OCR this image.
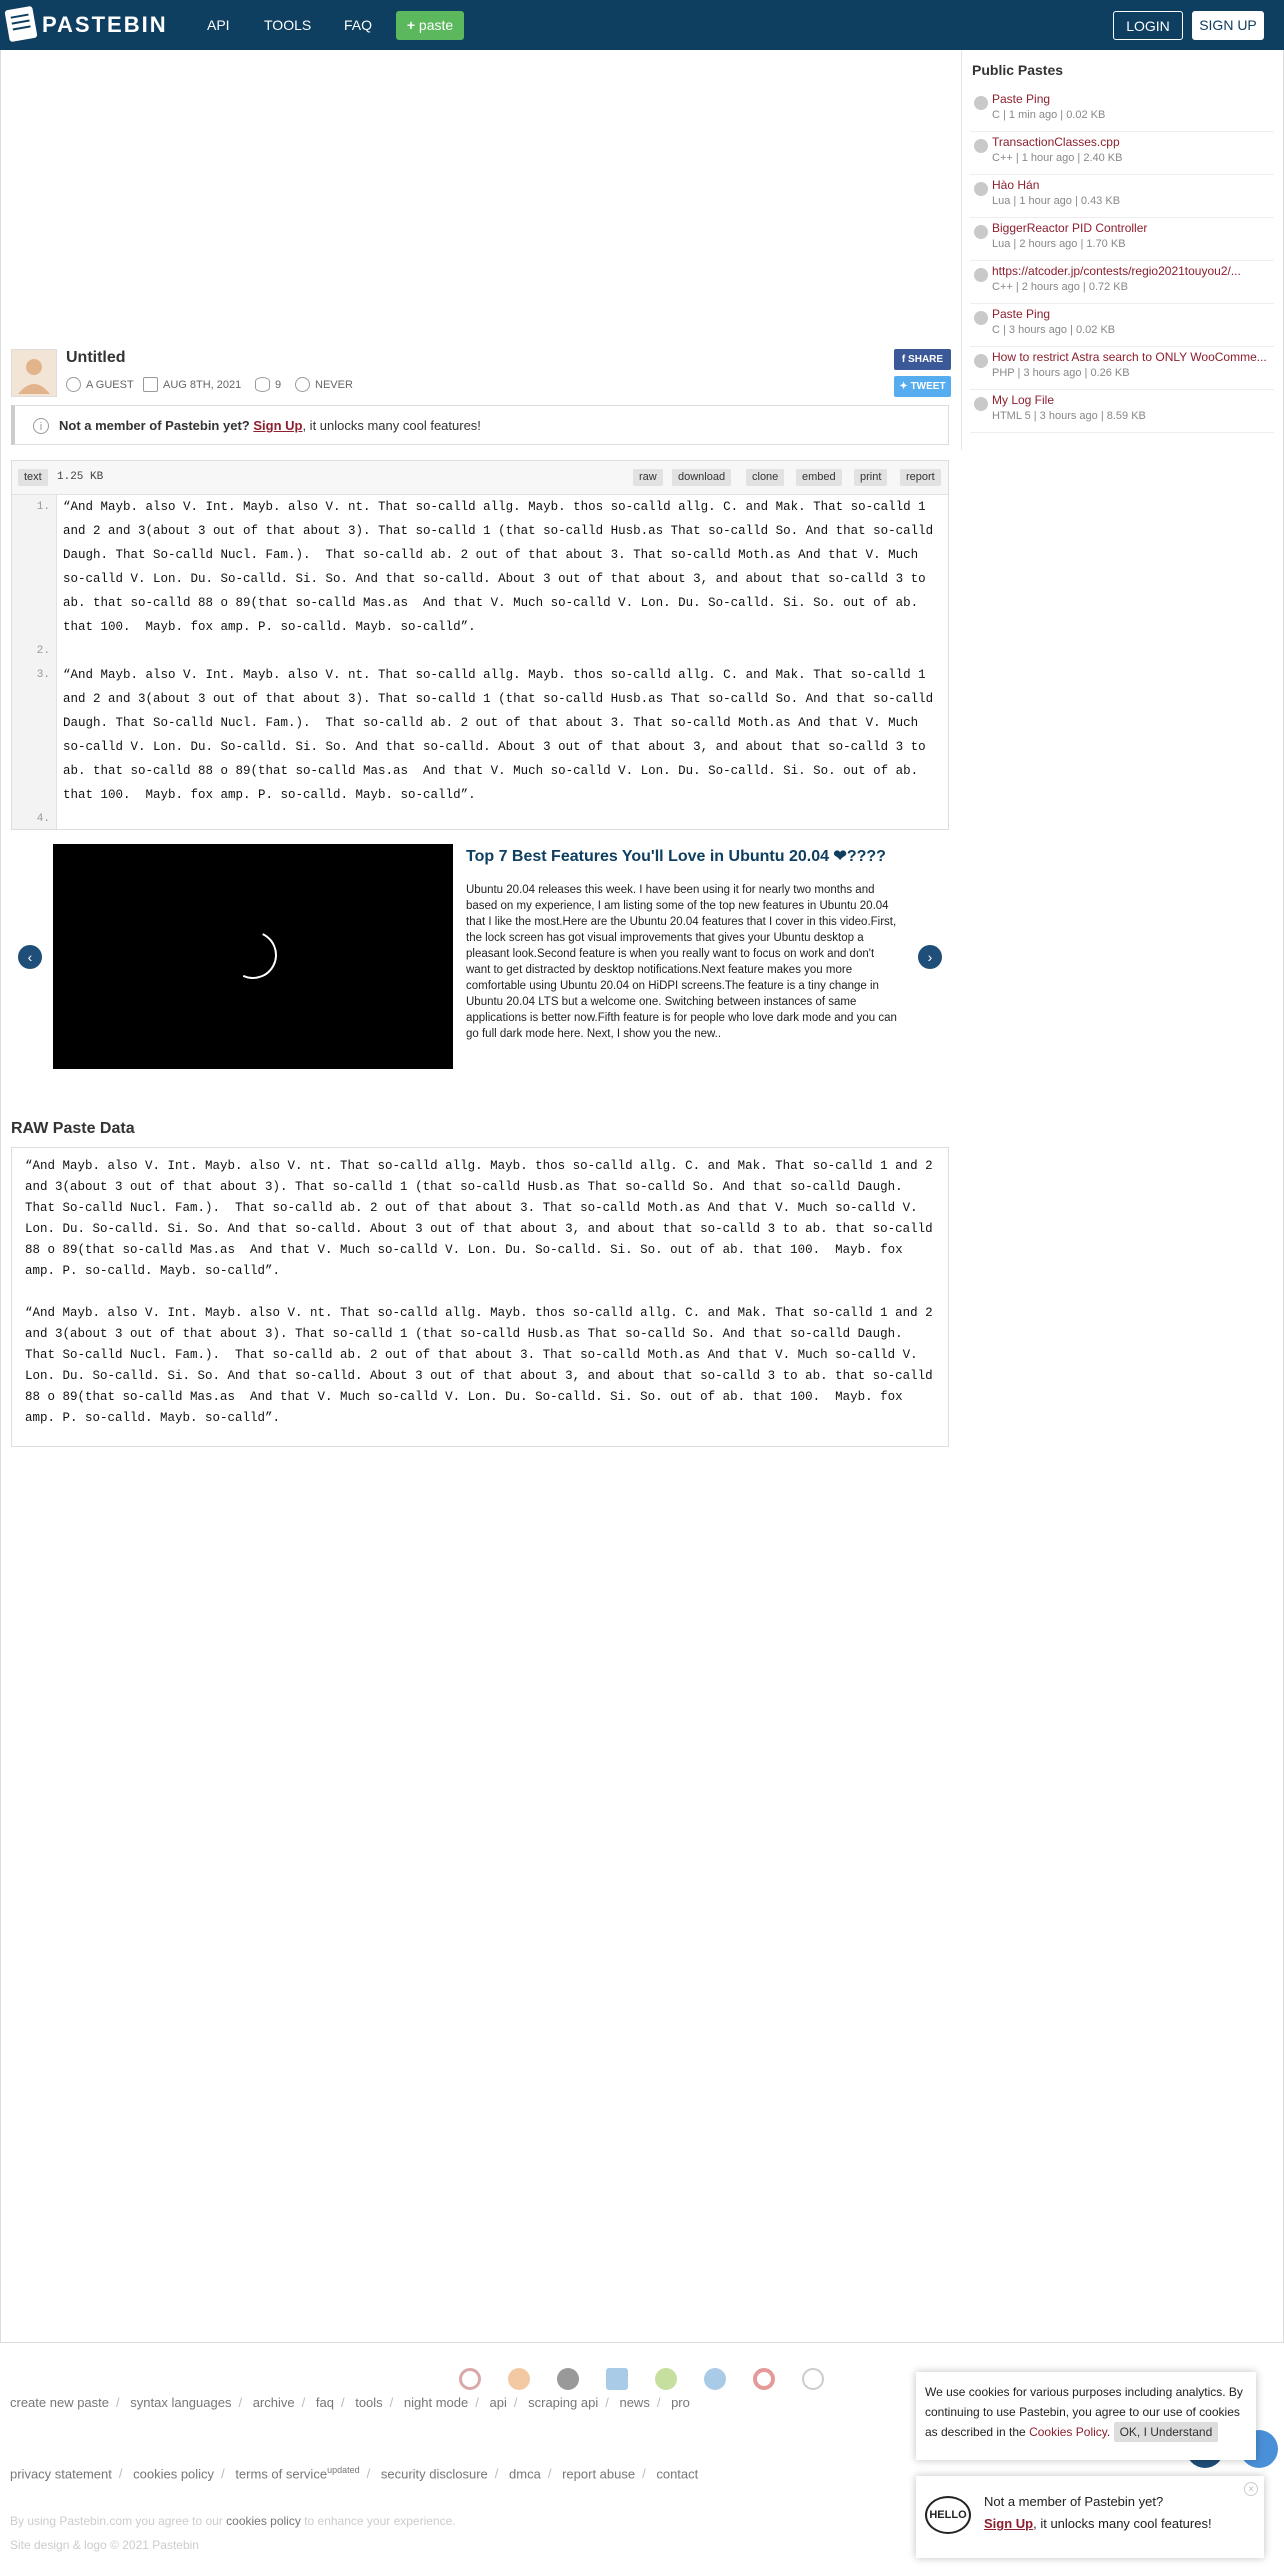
PASTEBIN	API TOOLS FAQ	+ paste	LOGIN	SIGN UP
Untitled
A GUEST	AUG 8TH, 2021	9	NEVER
f SHARE
✦ TWEET
i	Not a member of Pastebin yet? Sign Up, it unlocks many cool features!
text	1.25 KB	raw	download	clone	embed	print	report
1.
2.
3.
4.
“And Mayb. also V. Int. Mayb. also V. nt. That so-calld allg. Mayb. thos so-calld allg. C. and Mak. That so-calld 1 and 2 and 3(about 3 out of that about 3). That so-calld 1 (that so-calld Husb.as That so-calld So. And that so-calld Daugh. That So-calld Nucl. Fam.).  That so-calld ab. 2 out of that about 3. That so-calld Moth.as And that V. Much so-calld V. Lon. Du. So-calld. Si. So. And that so-calld. About 3 out of that about 3, and about that so-calld 3 to ab. that so-calld 88 o 89(that so-calld Mas.as  And that V. Much so-calld V. Lon. Du. So-calld. Si. So. out of ab. that 100.  Mayb. fox amp. P. so-calld. Mayb. so-calld”.
“And Mayb. also V. Int. Mayb. also V. nt. That so-calld allg. Mayb. thos so-calld allg. C. and Mak. That so-calld 1 and 2 and 3(about 3 out of that about 3). That so-calld 1 (that so-calld Husb.as That so-calld So. And that so-calld Daugh. That So-calld Nucl. Fam.).  That so-calld ab. 2 out of that about 3. That so-calld Moth.as And that V. Much so-calld V. Lon. Du. So-calld. Si. So. And that so-calld. About 3 out of that about 3, and about that so-calld 3 to ab. that so-calld 88 o 89(that so-calld Mas.as  And that V. Much so-calld V. Lon. Du. So-calld. Si. So. out of ab. that 100.  Mayb. fox amp. P. so-calld. Mayb. so-calld”.
‹
Top 7 Best Features You'll Love in Ubuntu 20.04 ❤????
Ubuntu 20.04 releases this week. I have been using it for nearly two months and based on my experience, I am listing some of the top new features in Ubuntu 20.04 that I like the most.Here are the Ubuntu 20.04 features that I cover in this video.First, the lock screen has got visual improvements that gives your Ubuntu desktop a pleasant look.Second feature is when you really want to focus on work and don't want to get distracted by desktop notifications.Next feature makes you more comfortable using Ubuntu 20.04 on HiDPI screens.The feature is a tiny change in Ubuntu 20.04 LTS but a welcome one. Switching between instances of same applications is better now.Fifth feature is for people who love dark mode and you can go full dark mode here. Next, I show you the new..
›
RAW Paste Data
“And Mayb. also V. Int. Mayb. also V. nt. That so-calld allg. Mayb. thos so-calld allg. C. and Mak. That so-calld 1 and 2 and 3(about 3 out of that about 3). That so-calld 1 (that so-calld Husb.as That so-calld So. And that so-calld Daugh. That So-calld Nucl. Fam.).  That so-calld ab. 2 out of that about 3. That so-calld Moth.as And that V. Much so-calld V. Lon. Du. So-calld. Si. So. And that so-calld. About 3 out of that about 3, and about that so-calld 3 to ab. that so-calld 88 o 89(that so-calld Mas.as  And that V. Much so-calld V. Lon. Du. So-calld. Si. So. out of ab. that 100.  Mayb. fox amp. P. so-calld. Mayb. so-calld”.
“And Mayb. also V. Int. Mayb. also V. nt. That so-calld allg. Mayb. thos so-calld allg. C. and Mak. That so-calld 1 and 2 and 3(about 3 out of that about 3). That so-calld 1 (that so-calld Husb.as That so-calld So. And that so-calld Daugh. That So-calld Nucl. Fam.).  That so-calld ab. 2 out of that about 3. That so-calld Moth.as And that V. Much so-calld V. Lon. Du. So-calld. Si. So. And that so-calld. About 3 out of that about 3, and about that so-calld 3 to ab. that so-calld 88 o 89(that so-calld Mas.as  And that V. Much so-calld V. Lon. Du. So-calld. Si. So. out of ab. that 100.  Mayb. fox amp. P. so-calld. Mayb. so-calld”.
Public Pastes
Paste Ping
C | 1 min ago | 0.02 KB
TransactionClasses.cpp
C++ | 1 hour ago | 2.40 KB
Hào Hán
Lua | 1 hour ago | 0.43 KB
BiggerReactor PID Controller
Lua | 2 hours ago | 1.70 KB
https://atcoder.jp/contests/regio2021touyou2/...
C++ | 2 hours ago | 0.72 KB
Paste Ping
C | 3 hours ago | 0.02 KB
How to restrict Astra search to ONLY WooComme...
PHP | 3 hours ago | 0.26 KB
My Log File
HTML 5 | 3 hours ago | 8.59 KB
create new paste / syntax languages / archive / faq / tools / night mode / api / scraping api / news / pro
privacy statement / cookies policy / terms of service$^{updated}$ / security disclosure / dmca / report abuse / contact
By using Pastebin.com you agree to our cookies policy to enhance your experience.
Site design & logo © 2021 Pastebin
We use cookies for various purposes including analytics. By continuing to use Pastebin, you agree to our use of cookies as described in the Cookies Policy. OK, I Understand
HELLO
Not a member of Pastebin yet?
Sign Up, it unlocks many cool features!
×
